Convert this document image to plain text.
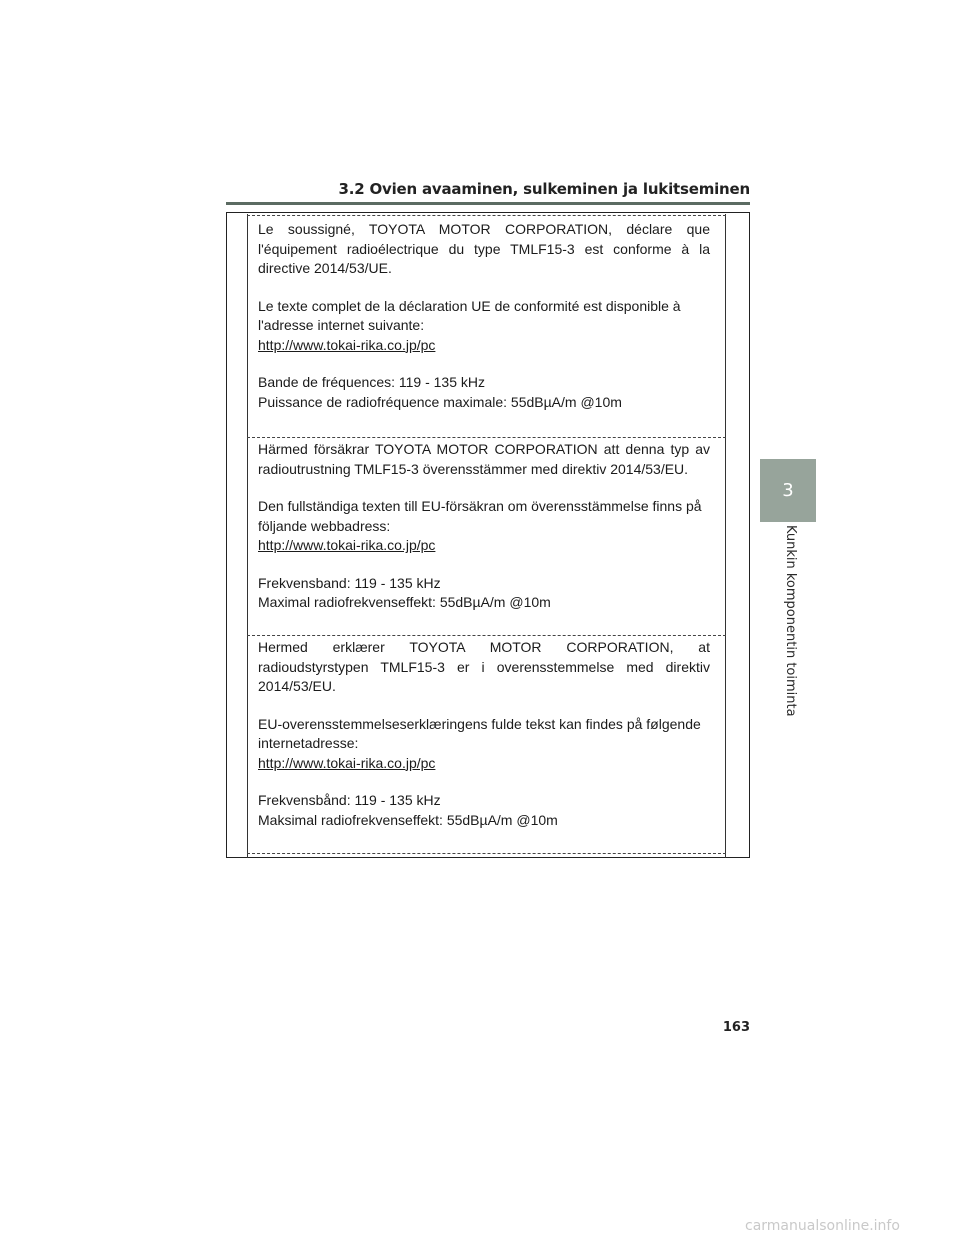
3.2 Ovien avaaminen, sulkeminen ja lukitseminen

Le soussigné, TOYOTA MOTOR CORPORATION, déclare que l'équipement radioélectrique du type TMLF15-3 est conforme à la directive 2014/53/UE.

Le texte complet de la déclaration UE de conformité est disponible à l'adresse internet suivante:
http://www.tokai-rika.co.jp/pc

Bande de fréquences: 119 - 135 kHz
Puissance de radiofréquence maximale: 55dBµA/m @10m

Härmed försäkrar TOYOTA MOTOR CORPORATION att denna typ av radioutrustning TMLF15-3 överensstämmer med direktiv 2014/53/EU.

Den fullständiga texten till EU-försäkran om överensstämmelse finns på följande webbadress:
http://www.tokai-rika.co.jp/pc

Frekvensband: 119 - 135 kHz
Maximal radiofrekvenseffekt: 55dBµA/m @10m

Hermed erklærer TOYOTA MOTOR CORPORATION, at radioudstyrstypen TMLF15-3 er i overensstemmelse med direktiv 2014/53/EU.

EU-overensstemmelseserklæringens fulde tekst kan findes på følgende internetadresse:
http://www.tokai-rika.co.jp/pc

Frekvensbånd: 119 - 135 kHz
Maksimal radiofrekvenseffekt: 55dBµA/m @10m

3
Kunkin komponentin toiminta
163
carmanualsonline.info
